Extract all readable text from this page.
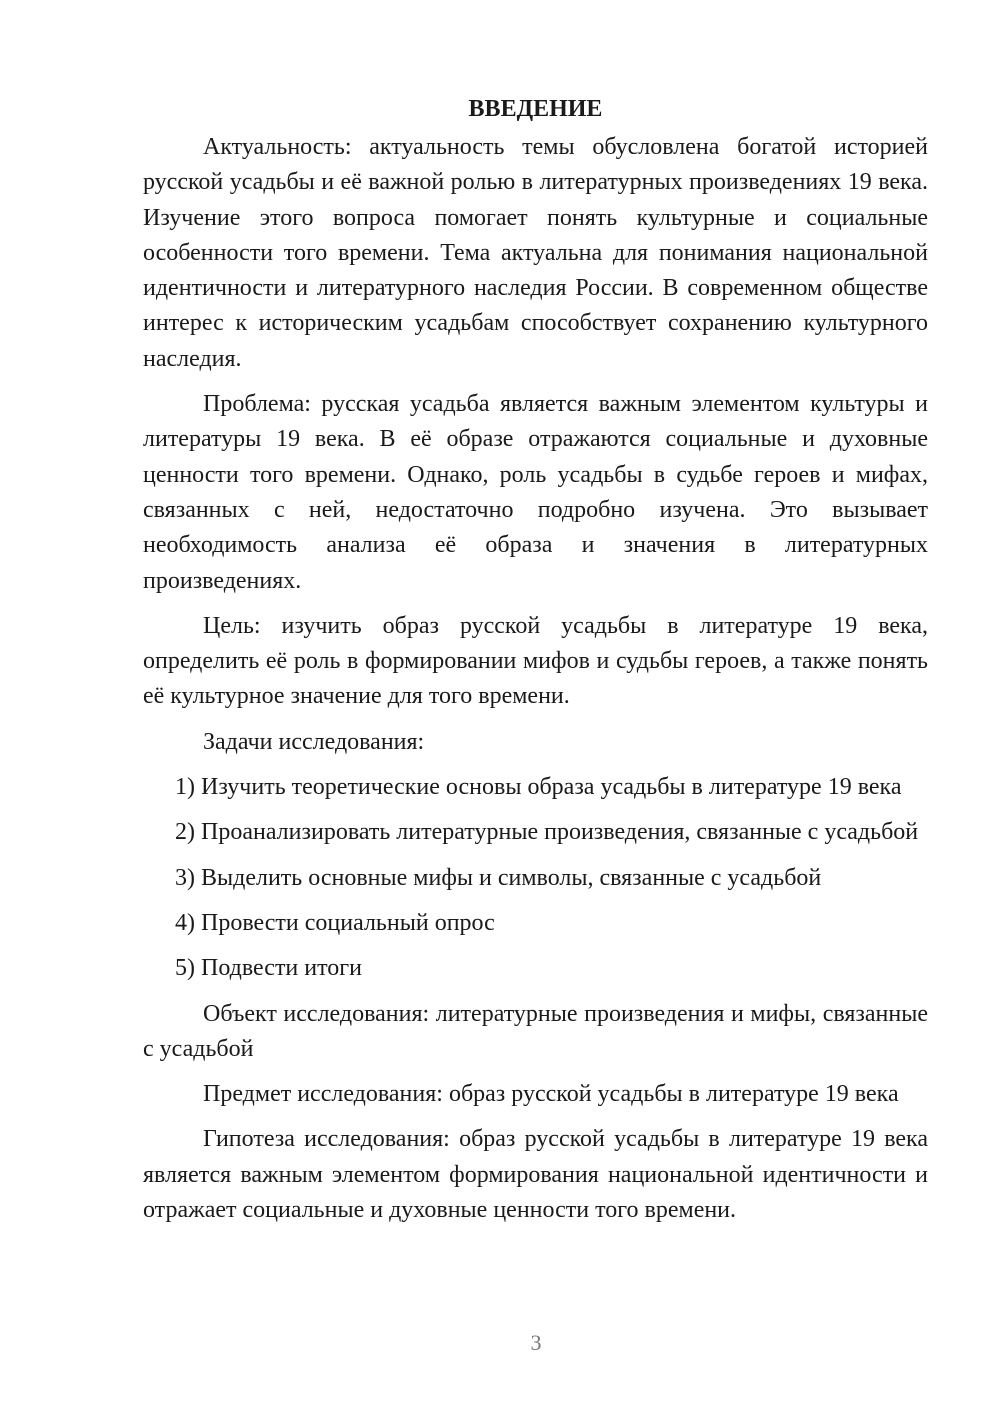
ВВЕДЕНИЕ

Актуальность: актуальность темы обусловлена богатой историей русской усадьбы и её важной ролью в литературных произведениях 19 века. Изучение этого вопроса помогает понять культурные и социальные особенности того времени. Тема актуальна для понимания национальной идентичности и литературного наследия России. В современном обществе интерес к историческим усадьбам способствует сохранению культурного наследия.

Проблема: русская усадьба является важным элементом культуры и литературы 19 века. В её образе отражаются социальные и духовные ценности того времени. Однако, роль усадьбы в судьбе героев и мифах, связанных с ней, недостаточно подробно изучена. Это вызывает необходимость анализа её образа и значения в литературных произведениях.

Цель: изучить образ русской усадьбы в литературе 19 века, определить её роль в формировании мифов и судьбы героев, а также понять её культурное значение для того времени.

Задачи исследования:

1) Изучить теоретические основы образа усадьбы в литературе 19 века

2) Проанализировать литературные произведения, связанные с усадьбой

3) Выделить основные мифы и символы, связанные с усадьбой

4) Провести социальный опрос

5) Подвести итоги

Объект исследования: литературные произведения и мифы, связанные с усадьбой

Предмет исследования: образ русской усадьбы в литературе 19 века

Гипотеза исследования: образ русской усадьбы в литературе 19 века является важным элементом формирования национальной идентичности и отражает социальные и духовные ценности того времени.

3
